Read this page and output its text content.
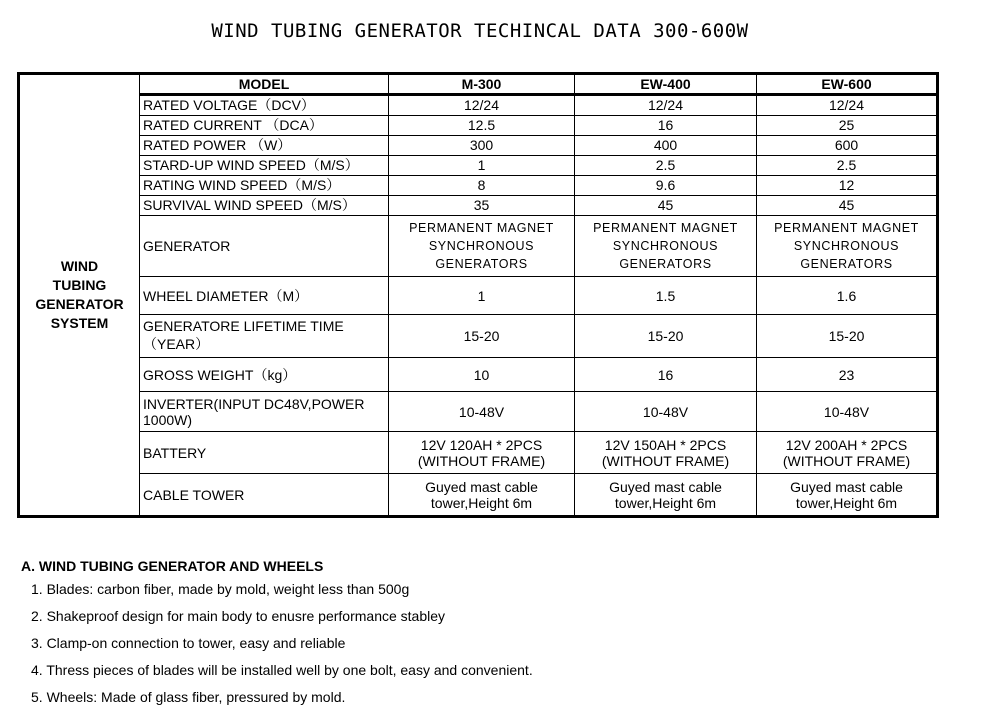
WIND TUBING GENERATOR TECHINCAL DATA 300-600W
WIND
TUBING
GENERATOR
SYSTEM	MODEL	M-300	EW-400	EW-600
	RATED VOLTAGE（DCV）	12/24	12/24	12/24
	RATED CURRENT （DCA）	12.5	16	25
	RATED POWER （W）	300	400	600
	STARD-UP WIND SPEED（M/S）	1	2.5	2.5
	RATING WIND SPEED（M/S）	8	9.6	12
	SURVIVAL WIND SPEED（M/S）	35	45	45
	GENERATOR	PERMANENT MAGNET SYNCHRONOUS GENERATORS	PERMANENT MAGNET SYNCHRONOUS GENERATORS	PERMANENT MAGNET SYNCHRONOUS GENERATORS
	WHEEL DIAMETER（M）	1	1.5	1.6
	GENERATORE LIFETIME TIME （YEAR）	15-20	15-20	15-20
	GROSS WEIGHT（kg）	10	16	23
	INVERTER(INPUT DC48V,POWER 1000W)	10-48V	10-48V	10-48V
	BATTERY	12V 120AH * 2PCS (WITHOUT FRAME)	12V 150AH * 2PCS (WITHOUT FRAME)	12V 200AH * 2PCS (WITHOUT FRAME)
	CABLE TOWER	Guyed mast cable tower,Height 6m	Guyed mast cable tower,Height 6m	Guyed mast cable tower,Height 6m
A. WIND TUBING GENERATOR AND WHEELS
1. Blades: carbon fiber, made by mold, weight less than 500g
2. Shakeproof design for main body to enusre performance stabley
3. Clamp-on connection to tower, easy and reliable
4. Thress pieces of blades will be installed well by one bolt, easy and convenient.
5. Wheels: Made of glass fiber, pressured by mold.
